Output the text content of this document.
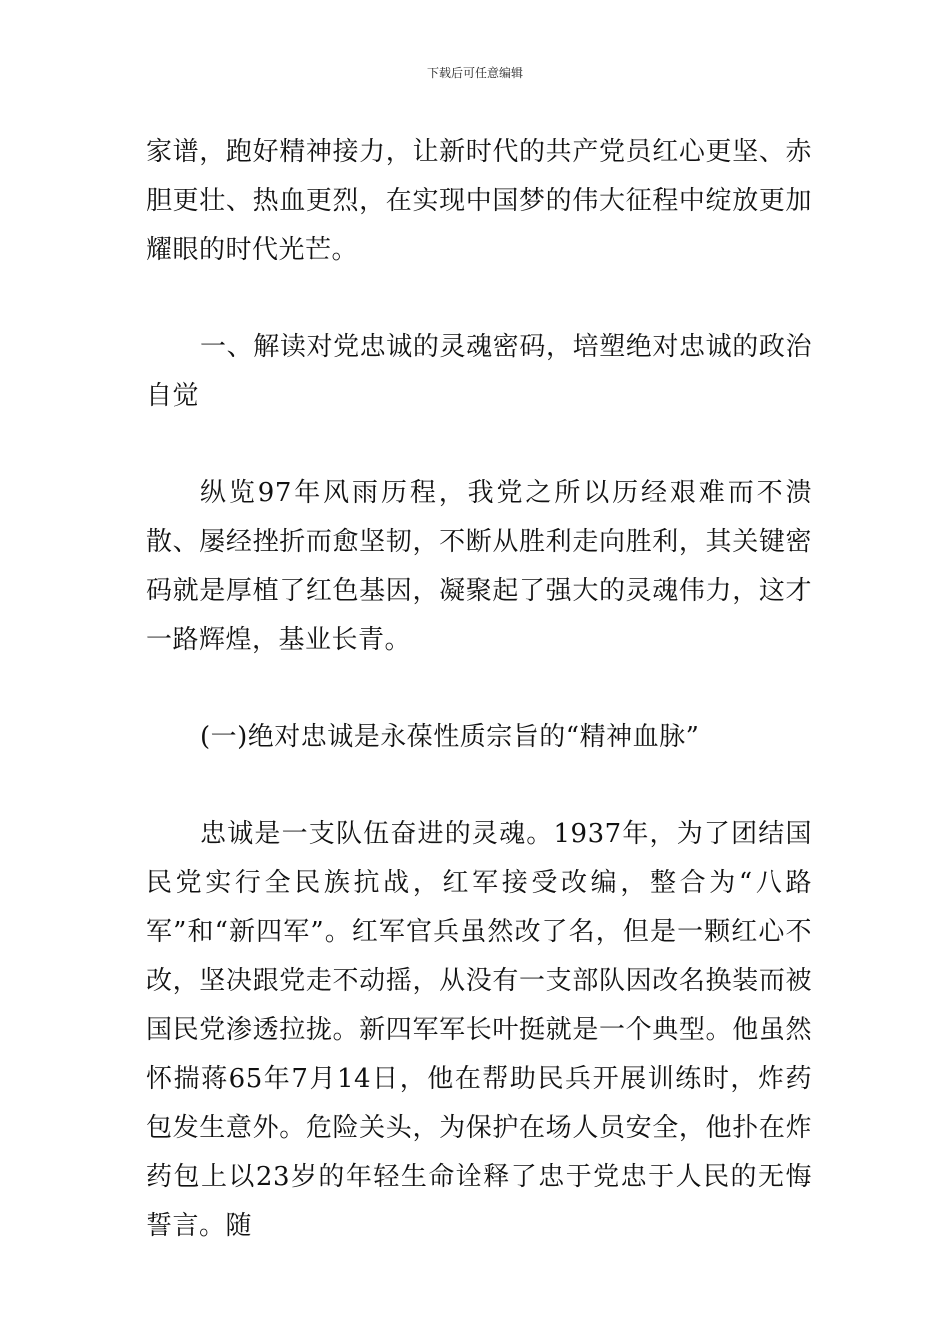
下载后可任意编辑

家谱，跑好精神接力，让新时代的共产党员红心更坚、赤胆更壮、热血更烈，在实现中国梦的伟大征程中绽放更加耀眼的时代光芒。

一、解读对党忠诚的灵魂密码，培塑绝对忠诚的政治自觉

纵览97年风雨历程，我党之所以历经艰难而不溃散、屡经挫折而愈坚韧，不断从胜利走向胜利，其关键密码就是厚植了红色基因，凝聚起了强大的灵魂伟力，这才一路辉煌，基业长青。

(一)绝对忠诚是永葆性质宗旨的“精神血脉”

忠诚是一支队伍奋进的灵魂。1937年，为了团结国民党实行全民族抗战，红军接受改编，整合为“八路军”和“新四军”。红军官兵虽然改了名，但是一颗红心不改，坚决跟党走不动摇，从没有一支部队因改名换装而被国民党渗透拉拢。新四军军长叶挺就是一个典型。他虽然怀揣蒋65年7月14日，他在帮助民兵开展训练时，炸药包发生意外。危险关头，为保护在场人员安全，他扑在炸药包上以23岁的年轻生命诠释了忠于党忠于人民的无悔誓言。随
